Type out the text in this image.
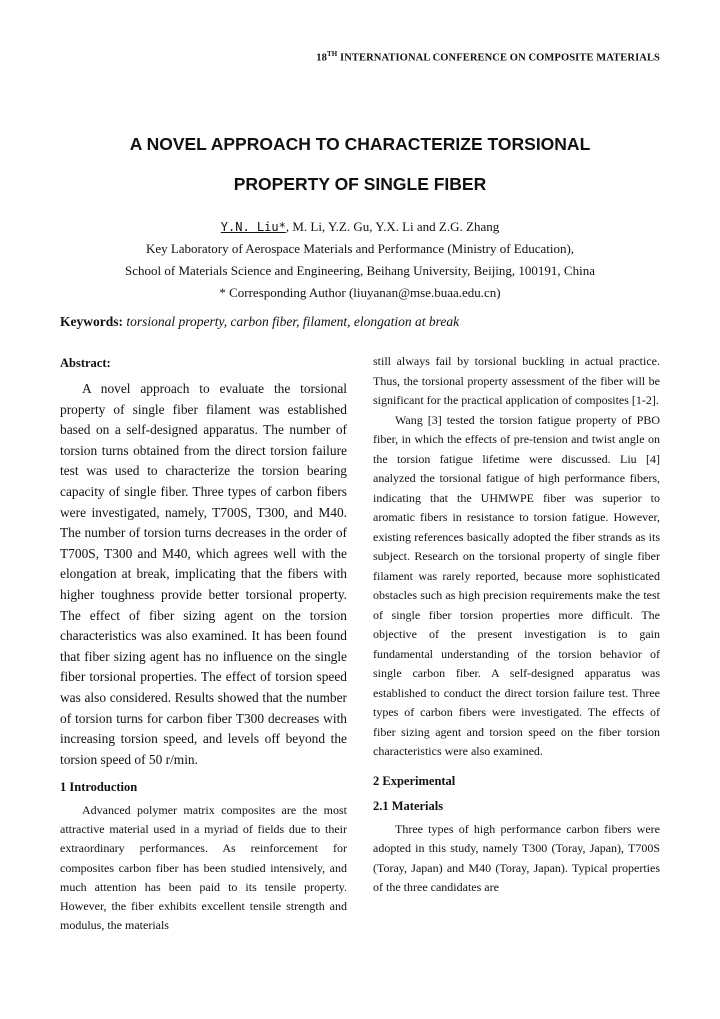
18TH INTERNATIONAL CONFERENCE ON COMPOSITE MATERIALS
A NOVEL APPROACH TO CHARACTERIZE TORSIONAL
PROPERTY OF SINGLE FIBER
Y.N. Liu*, M. Li, Y.Z. Gu, Y.X. Li and Z.G. Zhang
Key Laboratory of Aerospace Materials and Performance (Ministry of Education),
School of Materials Science and Engineering, Beihang University, Beijing, 100191, China
* Corresponding Author (liuyanan@mse.buaa.edu.cn)
Keywords: torsional property, carbon fiber, filament, elongation at break

Abstract:

A novel approach to evaluate the torsional property of single fiber filament was established based on a self-designed apparatus. The number of torsion turns obtained from the direct torsion failure test was used to characterize the torsion bearing capacity of single fiber. Three types of carbon fibers were investigated, namely, T700S, T300, and M40. The number of torsion turns decreases in the order of T700S, T300 and M40, which agrees well with the elongation at break, implicating that the fibers with higher toughness provide better torsional property. The effect of fiber sizing agent on the torsion characteristics was also examined. It has been found that fiber sizing agent has no influence on the single fiber torsional properties. The effect of torsion speed was also considered. Results showed that the number of torsion turns for carbon fiber T300 decreases with increasing torsion speed, and levels off beyond the torsion speed of 50 r/min.

1 Introduction

Advanced polymer matrix composites are the most attractive material used in a myriad of fields due to their extraordinary performances. As reinforcement for composites carbon fiber has been studied intensively, and much attention has been paid to its tensile property. However, the fiber exhibits excellent tensile strength and modulus, the materials

still always fail by torsional buckling in actual practice. Thus, the torsional property assessment of the fiber will be significant for the practical application of composites [1-2].

Wang [3] tested the torsion fatigue property of PBO fiber, in which the effects of pre-tension and twist angle on the torsion fatigue lifetime were discussed. Liu [4] analyzed the torsional fatigue of high performance fibers, indicating that the UHMWPE fiber was superior to aromatic fibers in resistance to torsion fatigue. However, existing references basically adopted the fiber strands as its subject. Research on the torsional property of single fiber filament was rarely reported, because more sophisticated obstacles such as high precision requirements make the test of single fiber torsion properties more difficult. The objective of the present investigation is to gain fundamental understanding of the torsion behavior of single carbon fiber. A self-designed apparatus was established to conduct the direct torsion failure test. Three types of carbon fibers were investigated. The effects of fiber sizing agent and torsion speed on the fiber torsion characteristics were also examined.

2 Experimental

2.1 Materials

Three types of high performance carbon fibers were adopted in this study, namely T300 (Toray, Japan), T700S (Toray, Japan) and M40 (Toray, Japan). Typical properties of the three candidates are
